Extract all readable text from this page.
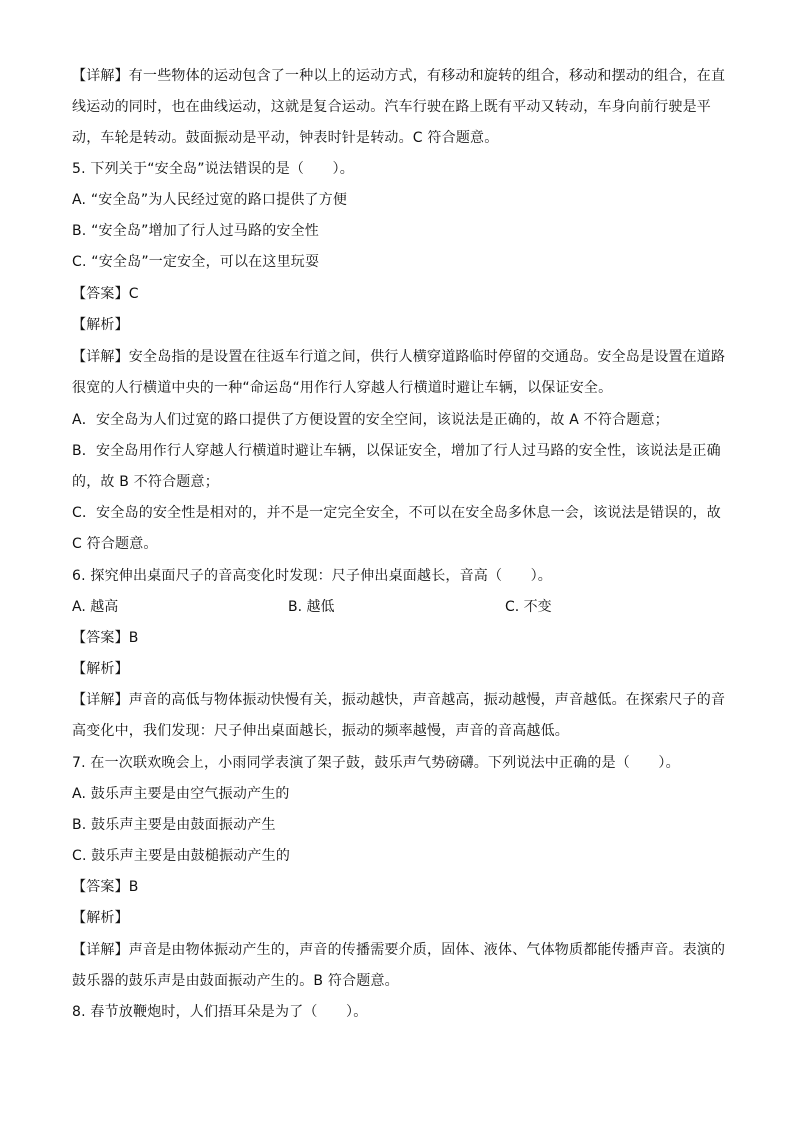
【详解】有一些物体的运动包含了一种以上的运动方式，有移动和旋转的组合，移动和摆动的组合，在直
线运动的同时，也在曲线运动，这就是复合运动。汽车行驶在路上既有平动又转动，车身向前行驶是平
动，车轮是转动。鼓面振动是平动，钟表时针是转动。C 符合题意。
5. 下列关于“安全岛”说法错误的是（　　）。
A. “安全岛”为人民经过宽的路口提供了方便
B. “安全岛”增加了行人过马路的安全性
C. “安全岛”一定安全，可以在这里玩耍
【答案】C
【解析】
【详解】安全岛指的是设置在往返车行道之间，供行人横穿道路临时停留的交通岛。安全岛是设置在道路
很宽的人行横道中央的一种“命运岛“用作行人穿越人行横道时避让车辆，以保证安全。
A．安全岛为人们过宽的路口提供了方便设置的安全空间，该说法是正确的，故 A 不符合题意；
B．安全岛用作行人穿越人行横道时避让车辆，以保证安全，增加了行人过马路的安全性，该说法是正确
的，故 B 不符合题意；
C．安全岛的安全性是相对的，并不是一定完全安全，不可以在安全岛多休息一会，该说法是错误的，故
C 符合题意。
6. 探究伸出桌面尺子的音高变化时发现：尺子伸出桌面越长，音高（　　）。
A. 越高	B. 越低	C. 不变
【答案】B
【解析】
【详解】声音的高低与物体振动快慢有关，振动越快，声音越高，振动越慢，声音越低。在探索尺子的音
高变化中，我们发现：尺子伸出桌面越长，振动的频率越慢，声音的音高越低。
7. 在一次联欢晚会上，小雨同学表演了架子鼓，鼓乐声气势磅礴。下列说法中正确的是（　　）。
A. 鼓乐声主要是由空气振动产生的
B. 鼓乐声主要是由鼓面振动产生
C. 鼓乐声主要是由鼓槌振动产生的
【答案】B
【解析】
【详解】声音是由物体振动产生的，声音的传播需要介质，固体、液体、气体物质都能传播声音。表演的
鼓乐器的鼓乐声是由鼓面振动产生的。B 符合题意。
8. 春节放鞭炮时，人们捂耳朵是为了（　　）。
